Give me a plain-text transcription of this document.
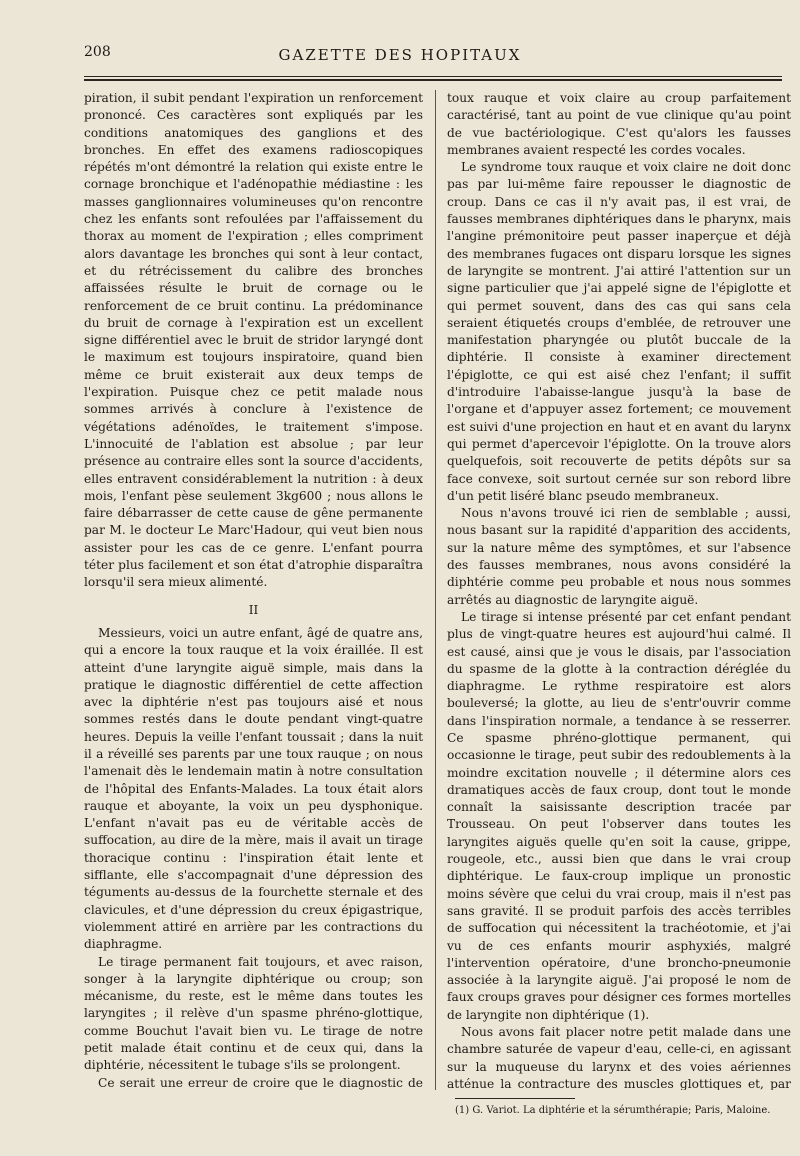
208	GAZETTE DES HOPITAUX

piration, il subit pendant l'expiration un renforcement prononcé. Ces caractères sont expliqués par les conditions anatomiques des ganglions et des bronches. En effet des examens radioscopiques répétés m'ont démontré la relation qui existe entre le cornage bronchique et l'adénopathie médiastine : les masses ganglionnaires volumineuses qu'on rencontre chez les enfants sont refoulées par l'affaissement du thorax au moment de l'expiration ; elles compriment alors davantage les bronches qui sont à leur contact, et du rétrécissement du calibre des bronches affaissées résulte le bruit de cornage ou le renforcement de ce bruit continu. La prédominance du bruit de cornage à l'expiration est un excellent signe différentiel avec le bruit de stridor laryngé dont le maximum est toujours inspiratoire, quand bien même ce bruit existerait aux deux temps de l'expiration. Puisque chez ce petit malade nous sommes arrivés à conclure à l'existence de végétations adénoïdes, le traitement s'impose. L'innocuité de l'ablation est absolue ; par leur présence au contraire elles sont la source d'accidents, elles entravent considérablement la nutrition : à deux mois, l'enfant pèse seulement 3kg600 ; nous allons le faire débarrasser de cette cause de gêne permanente par M. le docteur Le Marc'Hadour, qui veut bien nous assister pour les cas de ce genre. L'enfant pourra téter plus facilement et son état d'atrophie disparaîtra lorsqu'il sera mieux alimenté.

II

Messieurs, voici un autre enfant, âgé de quatre ans, qui a encore la toux rauque et la voix éraillée. Il est atteint d'une laryngite aiguë simple, mais dans la pratique le diagnostic différentiel de cette affection avec la diphtérie n'est pas toujours aisé et nous sommes restés dans le doute pendant vingt-quatre heures. Depuis la veille l'enfant toussait ; dans la nuit il a réveillé ses parents par une toux rauque ; on nous l'amenait dès le lendemain matin à notre consultation de l'hôpital des Enfants-Malades. La toux était alors rauque et aboyante, la voix un peu dysphonique. L'enfant n'avait pas eu de véritable accès de suffocation, au dire de la mère, mais il avait un tirage thoracique continu : l'inspiration était lente et sifflante, elle s'accompagnait d'une dépression des téguments au-dessus de la fourchette sternale et des clavicules, et d'une dépression du creux épigastrique, violemment attiré en arrière par les contractions du diaphragme.

Le tirage permanent fait toujours, et avec raison, songer à la laryngite diphtérique ou croup; son mécanisme, du reste, est le même dans toutes les laryngites ; il relève d'un spasme phréno-glottique, comme Bouchut l'avait bien vu. Le tirage de notre petit malade était continu et de ceux qui, dans la diphtérie, nécessitent le tubage s'ils se prolongent.

Ce serait une erreur de croire que le diagnostic de

toux rauque et voix claire au croup parfaitement caractérisé, tant au point de vue clinique qu'au point de vue bactériologique. C'est qu'alors les fausses membranes avaient respecté les cordes vocales.

Le syndrome toux rauque et voix claire ne doit donc pas par lui-même faire repousser le diagnostic de croup. Dans ce cas il n'y avait pas, il est vrai, de fausses membranes diphtériques dans le pharynx, mais l'angine prémonitoire peut passer inaperçue et déjà des membranes fugaces ont disparu lorsque les signes de laryngite se montrent. J'ai attiré l'attention sur un signe particulier que j'ai appelé signe de l'épiglotte et qui permet souvent, dans des cas qui sans cela seraient étiquetés croups d'emblée, de retrouver une manifestation pharyngée ou plutôt buccale de la diphtérie. Il consiste à examiner directement l'épiglotte, ce qui est aisé chez l'enfant; il suffit d'introduire l'abaisse-langue jusqu'à la base de l'organe et d'appuyer assez fortement; ce mouvement est suivi d'une projection en haut et en avant du larynx qui permet d'apercevoir l'épiglotte. On la trouve alors quelquefois, soit recouverte de petits dépôts sur sa face convexe, soit surtout cernée sur son rebord libre d'un petit liséré blanc pseudo membraneux.

Nous n'avons trouvé ici rien de semblable ; aussi, nous basant sur la rapidité d'apparition des accidents, sur la nature même des symptômes, et sur l'absence des fausses membranes, nous avons considéré la diphtérie comme peu probable et nous nous sommes arrêtés au diagnostic de laryngite aiguë.

Le tirage si intense présenté par cet enfant pendant plus de vingt-quatre heures est aujourd'hui calmé. Il est causé, ainsi que je vous le disais, par l'association du spasme de la glotte à la contraction déréglée du diaphragme. Le rythme respiratoire est alors bouleversé; la glotte, au lieu de s'entr'ouvrir comme dans l'inspiration normale, a tendance à se resserrer. Ce spasme phréno-glottique permanent, qui occasionne le tirage, peut subir des redoublements à la moindre excitation nouvelle ; il détermine alors ces dramatiques accès de faux croup, dont tout le monde connaît la saisissante description tracée par Trousseau. On peut l'observer dans toutes les laryngites aiguës quelle qu'en soit la cause, grippe, rougeole, etc., aussi bien que dans le vrai croup diphtérique. Le faux-croup implique un pronostic moins sévère que celui du vrai croup, mais il n'est pas sans gravité. Il se produit parfois des accès terribles de suffocation qui nécessitent la trachéotomie, et j'ai vu de ces enfants mourir asphyxiés, malgré l'intervention opératoire, d'une broncho-pneumonie associée à la laryngite aiguë. J'ai proposé le nom de faux croups graves pour désigner ces formes mortelles de laryngite non diphtérique (1).

Nous avons fait placer notre petit malade dans une chambre saturée de vapeur d'eau, celle-ci, en agissant sur la muqueuse du larynx et des voies aériennes atténue la contracture des muscles glottiques et, par

(1) G. Variot. La diphtérie et la sérumthérapie; Paris, Maloine.
